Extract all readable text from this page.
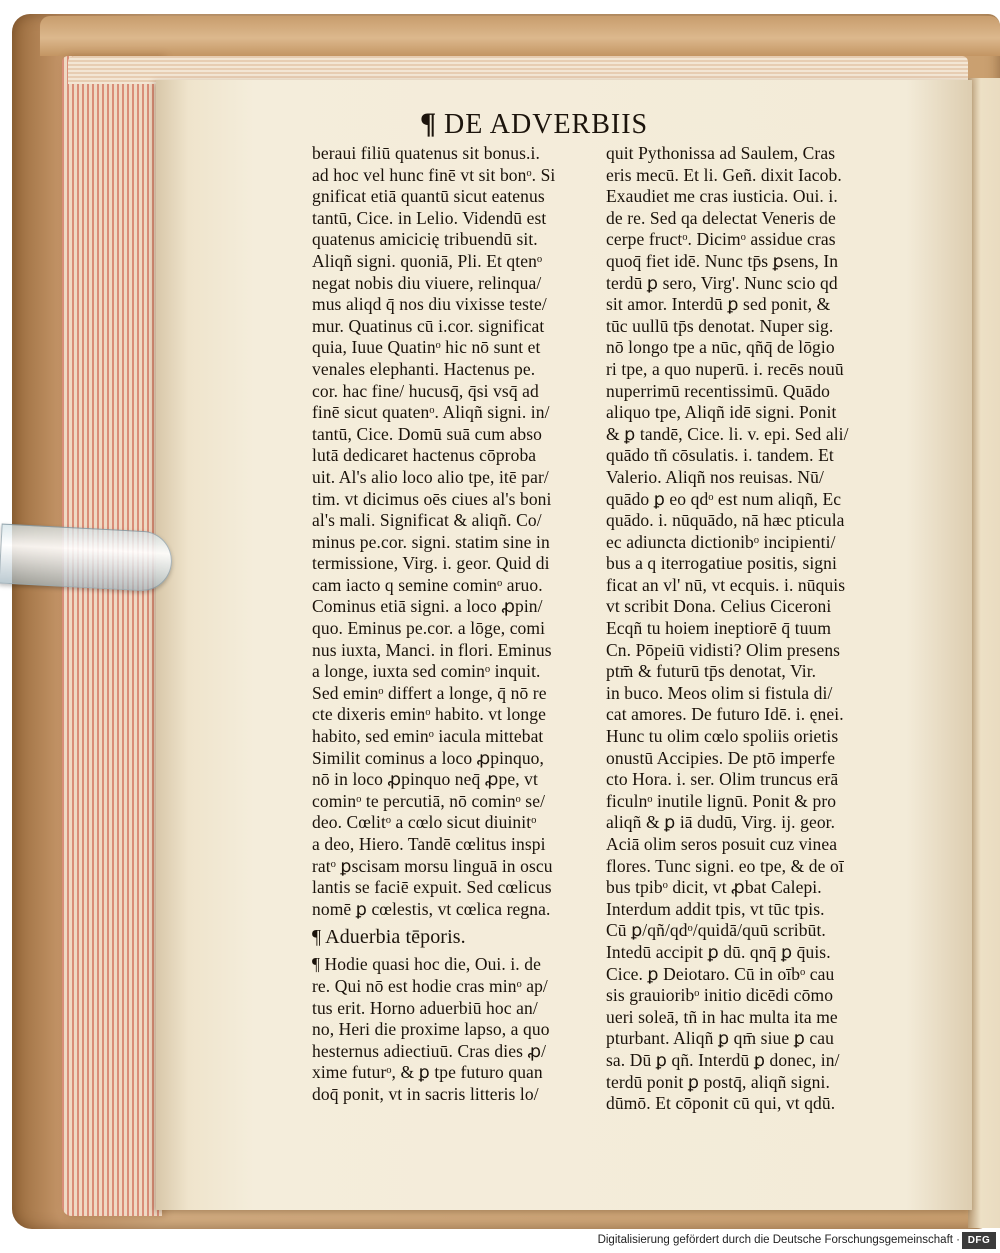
¶ DE ADVERBIIS
beraui filiū quatenus sit bonus.i.
ad hoc vel hunc finē vt sit bonᵒ. Si
gnificat etiā quantū sicut eatenus
tantū, Cice. in Lelio. Videndū est
quatenus amicicię tribuendū sit.
Aliqñ signi. quoniā, Pli. Et qtenᵒ
negat nobis diu viuere, relinqua/
mus aliqd q̄ nos diu vixisse teste/
mur. Quatinus cū i.cor. significat
quia, Iuue Quatinᵒ hic nō sunt et
venales elephanti. Hactenus pe.
cor. hac fine/ hucusq̄, q̄si vsq̄ ad
finē sicut quatenᵒ. Aliqñ signi. in/
tantū, Cice. Domū suā cum abso
lutā dedicaret hactenus cōproba
uit. Al's alio loco alio tpe, itē par/
tim. vt dicimus oēs ciues al's boni
al's mali. Significat & aliqñ. Co/
minus pe.cor. signi. statim sine in
termissione, Virg. i. geor. Quid di
cam iacto q semine cominᵒ aruo.
Cominus etiā signi. a loco ꝓpin/
quo. Eminus pe.cor. a lōge, comi
nus iuxta, Manci. in flori. Eminus
a longe, iuxta sed cominᵒ inquit.
Sed eminᵒ differt a longe, q̄ nō re
cte dixeris eminᵒ habito. vt longe
habito, sed eminᵒ iacula mittebat
Similit cominus a loco ꝓpinquo,
nō in loco ꝓpinquo neq̄ ꝓpe, vt
cominᵒ te percutiā, nō cominᵒ se/
deo. Cœlitᵒ a cœlo sicut diuinitᵒ
a deo, Hiero. Tandē cœlitus inspi
ratᵒ ꝑscisam morsu linguā in oscu
lantis se faciē expuit. Sed cœlicus
nomē ꝑ cœlestis, vt cœlica regna.
¶ Aduerbia tēporis.
¶ Hodie quasi hoc die, Oui. i. de
re. Qui nō est hodie cras minᵒ ap/
tus erit. Horno aduerbiū hoc an/
no, Heri die proxime lapso, a quo
hesternus adiectiuū. Cras dies ꝓ/
xime futurᵒ, & ꝑ tpe futuro quan
doq̄ ponit, vt in sacris litteris lo/
quit Pythonissa ad Saulem, Cras
eris mecū. Et li. Geñ. dixit Iacob.
Exaudiet me cras iusticia. Oui. i.
de re. Sed qa delectat Veneris de
cerpe fructᵒ. Dicimᵒ assidue cras
quoq̄ fiet idē. Nunc tp̄s ꝑsens, In
terdū ꝑ sero, Virg'. Nunc scio qd
sit amor. Interdū ꝑ sed ponit, &
tūc uullū tp̄s denotat. Nuper sig.
nō longo tpe a nūc, qñq̄ de lōgio
ri tpe, a quo nuperū. i. recēs nouū
nuperrimū recentissimū. Quādo
aliquo tpe, Aliqñ idē signi. Ponit
& ꝑ tandē, Cice. li. v. epi. Sed ali/
quādo tñ cōsulatis. i. tandem. Et
Valerio. Aliqñ nos reuisas. Nū/
quādo ꝑ eo qdᵒ est num aliqñ, Ec
quādo. i. nūquādo, nā hæc pticula
ec adiuncta dictionibᵒ incipienti/
bus a q iterrogatiue positis, signi
ficat an vl' nū, vt ecquis. i. nūquis
vt scribit Dona. Celius Ciceroni
Ecqñ tu hoiem ineptiorē q̄ tuum
Cn. Pōpeiū vidisti? Olim presens
ptm̄ & futurū tp̄s denotat, Vir.
in buco. Meos olim si fistula di/
cat amores. De futuro Idē. i. ęnei.
Hunc tu olim cœlo spoliis orietis
onustū Accipies. De ptō imperfe
cto Hora. i. ser. Olim truncus erā
ficulnᵒ inutile lignū. Ponit & pro
aliqñ & ꝑ iā dudū, Virg. ij. geor.
Aciā olim seros posuit cuz vinea
flores. Tunc signi. eo tpe, & de oī
bus tpibᵒ dicit, vt ꝓbat Calepi.
Interdum addit tpis, vt tūc tpis.
Cū ꝑ/qñ/qdᵒ/quidā/quū scribūt.
Intedū accipit ꝑ dū. qnq̄ ꝑ q̄uis.
Cice. ꝑ Deiotaro. Cū in oībᵒ cau
sis grauioribᵒ initio dicēdi cōmo
ueri soleā, tñ in hac multa ita me
pturbant. Aliqñ ꝑ qm̄ siue ꝑ cau
sa. Dū ꝑ qñ. Interdū ꝑ donec, in/
terdū ponit ꝑ postq̄, aliqñ signi.
dūmō. Et cōponit cū qui, vt qdū.
Digitalisierung gefördert durch die Deutsche Forschungsgemeinschaft · DFG
